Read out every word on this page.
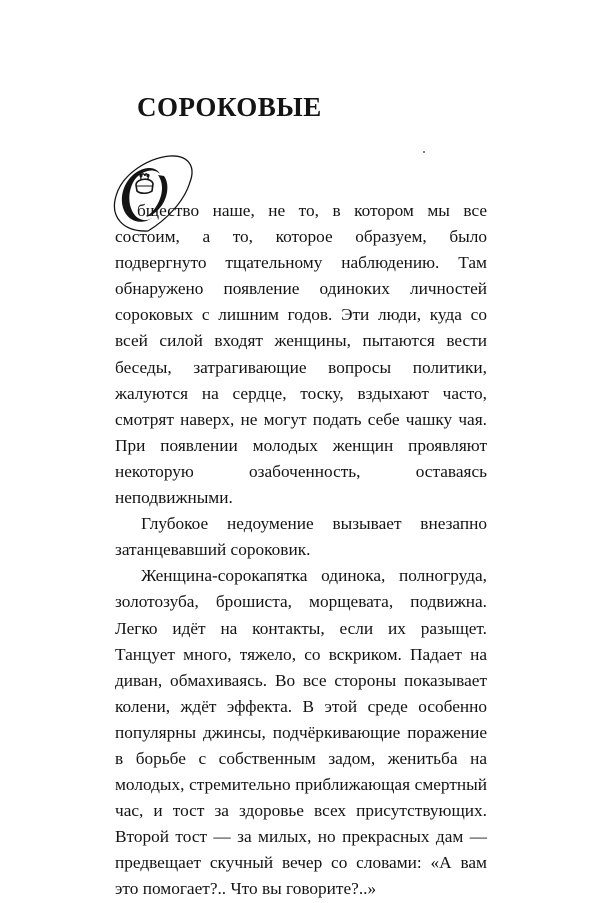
СОРОКОВЫЕ

бщество наше, не то, в котором мы все состоим, а то, которое образуем, было подвергнуто тщательному наблюдению. Там обнаружено появление одиноких личностей сороковых с лишним годов. Эти люди, куда со всей силой входят женщины, пытаются вести беседы, затрагивающие вопросы политики, жалуются на сердце, тоску, вздыхают часто, смотрят наверх, не могут подать себе чашку чая. При появлении молодых женщин проявляют некоторую озабоченность, оставаясь неподвижными.

Глубокое недоумение вызывает внезапно затанцевавший сороковик.

Женщина-сорокапятка одинока, полногруда, золотозуба, брошиста, морщевата, подвижна. Легко идёт на контакты, если их разыщет. Танцует много, тяжело, со вскриком. Падает на диван, обмахиваясь. Во все стороны показывает колени, ждёт эффекта. В этой среде особенно популярны джинсы, подчёркивающие поражение в борьбе с собственным задом, женитьба на молодых, стремительно приближающая смертный час, и тост за здоровье всех присутствующих. Второй тост — за милых, но прекрасных дам — предвещает скучный вечер со словами: «А вам это помогает?.. Что вы говорите?..»
